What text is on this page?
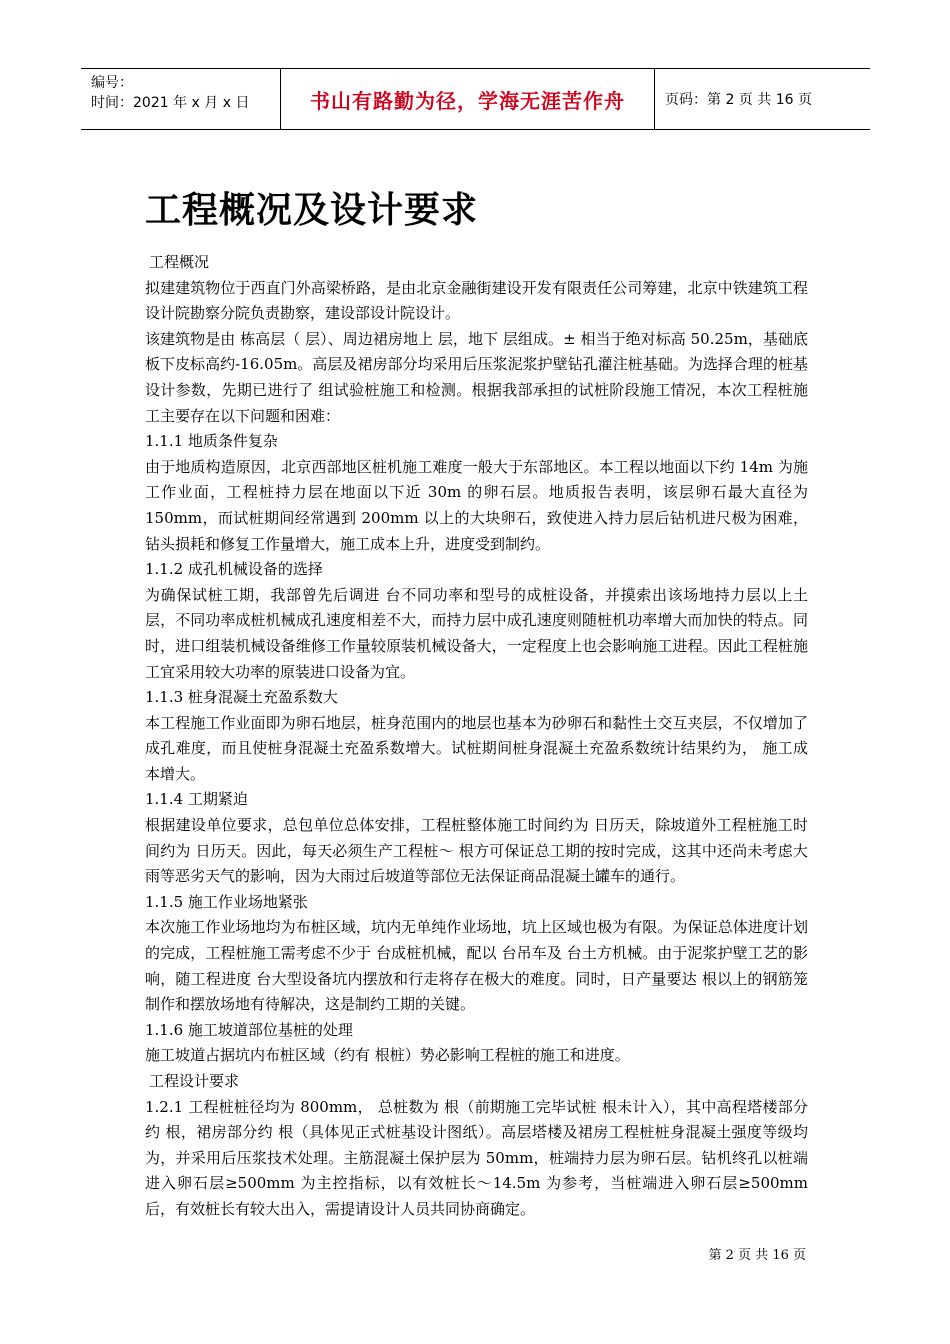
编号：
时间：2021 年 x 月 x 日	书山有路勤为径，学海无涯苦作舟	页码：第 2 页 共 16 页
工程概况及设计要求

工程概况

拟建建筑物位于西直门外高梁桥路，是由北京金融街建设开发有限责任公司筹建，北京中铁建筑工程设计院勘察分院负责勘察，建设部设计院设计。

该建筑物是由 栋高层（ 层）、周边裙房地上 层，地下 层组成。± 相当于绝对标高 50.25m，基础底板下皮标高约-16.05m。高层及裙房部分均采用后压浆泥浆护壁钻孔灌注桩基础。为选择合理的桩基设计参数，先期已进行了 组试验桩施工和检测。根据我部承担的试桩阶段施工情况，本次工程桩施工主要存在以下问题和困难：

1.1.1 地质条件复杂

由于地质构造原因，北京西部地区桩机施工难度一般大于东部地区。本工程以地面以下约 14m 为施工作业面，工程桩持力层在地面以下近 30m 的卵石层。地质报告表明，该层卵石最大直径为 150mm，而试桩期间经常遇到 200mm 以上的大块卵石，致使进入持力层后钻机进尺极为困难，钻头损耗和修复工作量增大，施工成本上升，进度受到制约。

1.1.2 成孔机械设备的选择

为确保试桩工期，我部曾先后调进 台不同功率和型号的成桩设备，并摸索出该场地持力层以上土层，不同功率成桩机械成孔速度相差不大，而持力层中成孔速度则随桩机功率增大而加快的特点。同时，进口组装机械设备维修工作量较原装机械设备大，一定程度上也会影响施工进程。因此工程桩施工宜采用较大功率的原装进口设备为宜。

1.1.3 桩身混凝土充盈系数大

本工程施工作业面即为卵石地层，桩身范围内的地层也基本为砂卵石和黏性土交互夹层，不仅增加了成孔难度，而且使桩身混凝土充盈系数增大。试桩期间桩身混凝土充盈系数统计结果约为， 施工成本增大。

1.1.4 工期紧迫

根据建设单位要求，总包单位总体安排，工程桩整体施工时间约为 日历天，除坡道外工程桩施工时间约为 日历天。因此，每天必须生产工程桩～ 根方可保证总工期的按时完成，这其中还尚未考虑大雨等恶劣天气的影响，因为大雨过后坡道等部位无法保证商品混凝土罐车的通行。

1.1.5 施工作业场地紧张

本次施工作业场地均为布桩区域，坑内无单纯作业场地，坑上区域也极为有限。为保证总体进度计划的完成，工程桩施工需考虑不少于 台成桩机械，配以 台吊车及 台土方机械。由于泥浆护壁工艺的影响，随工程进度 台大型设备坑内摆放和行走将存在极大的难度。同时，日产量要达 根以上的钢筋笼制作和摆放场地有待解决，这是制约工期的关键。

1.1.6 施工坡道部位基桩的处理

施工坡道占据坑内布桩区域（约有 根桩）势必影响工程桩的施工和进度。

工程设计要求

1.2.1 工程桩桩径均为 800mm， 总桩数为 根（前期施工完毕试桩 根未计入），其中高程塔楼部分约 根，裙房部分约 根（具体见正式桩基设计图纸）。高层塔楼及裙房工程桩桩身混凝土强度等级均为，并采用后压浆技术处理。主筋混凝土保护层为 50mm，桩端持力层为卵石层。钻机终孔以桩端进入卵石层≥500mm 为主控指标，以有效桩长～14.5m 为参考，当桩端进入卵石层≥500mm 后，有效桩长有较大出入，需提请设计人员共同协商确定。

第 2 页 共 16 页
